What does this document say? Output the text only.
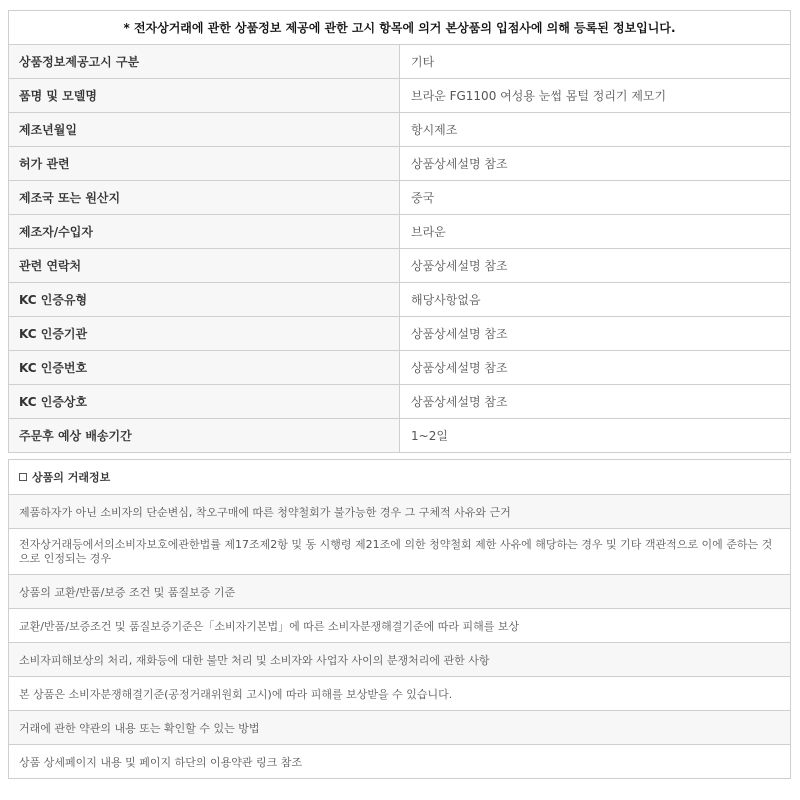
* 전자상거래에 관한 상품정보 제공에 관한 고시 항목에 의거 본상품의 입점사에 의해 등록된 정보입니다.	
상품정보제공고시 구분	기타
품명 및 모델명	브라운 FG1100 여성용 눈썹 몸털 정리기 제모기
제조년월일	항시제조
허가 관련	상품상세설명 참조
제조국 또는 원산지	중국
제조자/수입자	브라운
관련 연락처	상품상세설명 참조
KC 인증유형	해당사항없음
KC 인증기관	상품상세설명 참조
KC 인증번호	상품상세설명 참조
KC 인증상호	상품상세설명 참조
주문후 예상 배송기간	1~2일
상품의 거래정보
제품하자가 아닌 소비자의 단순변심, 착오구매에 따른 청약철회가 불가능한 경우 그 구체적 사유와 근거
전자상거래등에서의소비자보호에관한법률 제17조제2항 및 동 시행령 제21조에 의한 청약철회 제한 사유에 해당하는 경우 및 기타 객관적으로 이에 준하는 것으로 인정되는 경우
상품의 교환/반품/보증 조건 및 품질보증 기준
교환/반품/보증조건 및 품질보증기준은「소비자기본법」에 따른 소비자분쟁해결기준에 따라 피해를 보상
소비자피해보상의 처리, 재화등에 대한 불만 처리 및 소비자와 사업자 사이의 분쟁처리에 관한 사항
본 상품은 소비자분쟁해결기준(공정거래위원회 고시)에 따라 피해를 보상받을 수 있습니다.
거래에 관한 약관의 내용 또는 확인할 수 있는 방법
상품 상세페이지 내용 및 페이지 하단의 이용약관 링크 참조
